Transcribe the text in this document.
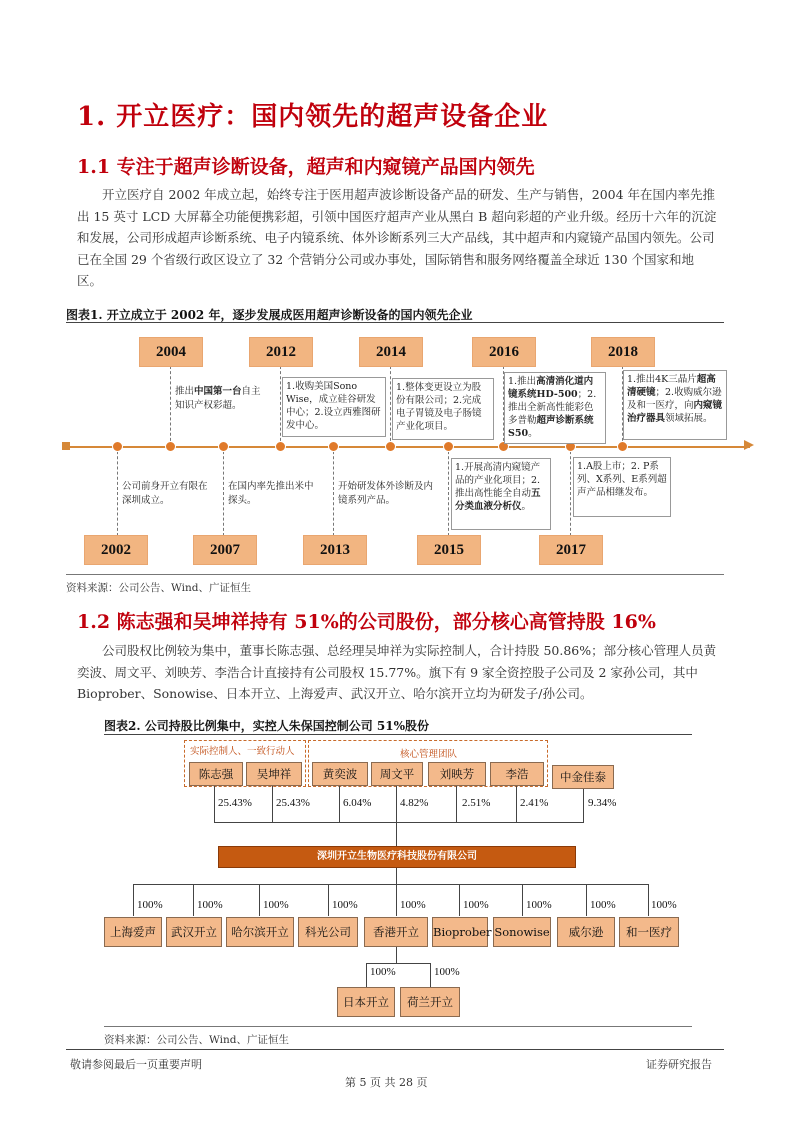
1. 开立医疗：国内领先的超声设备企业
1.1 专注于超声诊断设备，超声和内窥镜产品国内领先

开立医疗自 2002 年成立起，始终专注于医用超声波诊断设备产品的研发、生产与销售，2004 年在国内率先推出 15 英寸 LCD 大屏幕全功能便携彩超，引领中国医疗超声产业从黑白 B 超向彩超的产业升级。经历十六年的沉淀和发展，公司形成超声诊断系统、电子内镜系统、体外诊断系列三大产品线，其中超声和内窥镜产品国内领先。公司已在全国 29 个省级行政区设立了 32 个营销分公司或办事处，国际销售和服务网络覆盖全球近 130 个国家和地区。

图表1. 开立成立于 2002 年，逐步发展成医用超声诊断设备的国内领先企业
2004	2012	2014	2016	2018
2002	2007	2013	2015	2017
推出中国第一台自主知识产权彩超。
1.收购美国Sono Wise，成立硅谷研发中心；2.设立西雅图研发中心。
1.整体变更设立为股份有限公司；2.完成电子胃镜及电子肠镜产业化项目。
1.推出高清消化道内镜系统HD-500；2.推出全新高性能彩色多普勒超声诊断系统S50。
1.推出4K三晶片超高清硬镜；2.收购威尔逊及和一医疗，向内窥镜治疗器具领域拓展。
公司前身开立有限在深圳成立。
在国内率先推出米中探头。
开始研发体外诊断及内镜系列产品。
1.开展高清内窥镜产品的产业化项目；2.推出高性能全自动五分类血液分析仪。
1.A股上市；2. P系列、X系列、E系列超声产品相继发布。
资料来源：公司公告、Wind、广证恒生
1.2 陈志强和吴坤祥持有 51%的公司股份，部分核心高管持股 16%

公司股权比例较为集中，董事长陈志强、总经理吴坤祥为实际控制人，合计持股 50.86%；部分核心管理人员黄奕波、周文平、刘映芳、李浩合计直接持有公司股权 15.77%。旗下有 9 家全资控股子公司及 2 家孙公司，其中 Bioprober、Sonowise、日本开立、上海爱声、武汉开立、哈尔滨开立均为研发子/孙公司。

图表2. 公司持股比例集中，实控人朱保国控制公司 51%股份
实际控制人、一致行动人	核心管理团队
陈志强	吴坤祥	黄奕波	周文平	刘映芳	李浩	中金佳泰
25.43% 25.43%	6.04%	4.82%	2.51%	2.41%	9.34%
深圳开立生物医疗科技股份有限公司
100%	100%	100%	100%	100%	100%	100%	100%	100%
上海爱声	武汉开立	哈尔滨开立	科光公司	香港开立	Bioprober Sonowise	威尔逊	和一医疗
100%	100%
日本开立	荷兰开立
资料来源：公司公告、Wind、广证恒生
敬请参阅最后一页重要声明	证券研究报告
第 5 页 共 28 页
